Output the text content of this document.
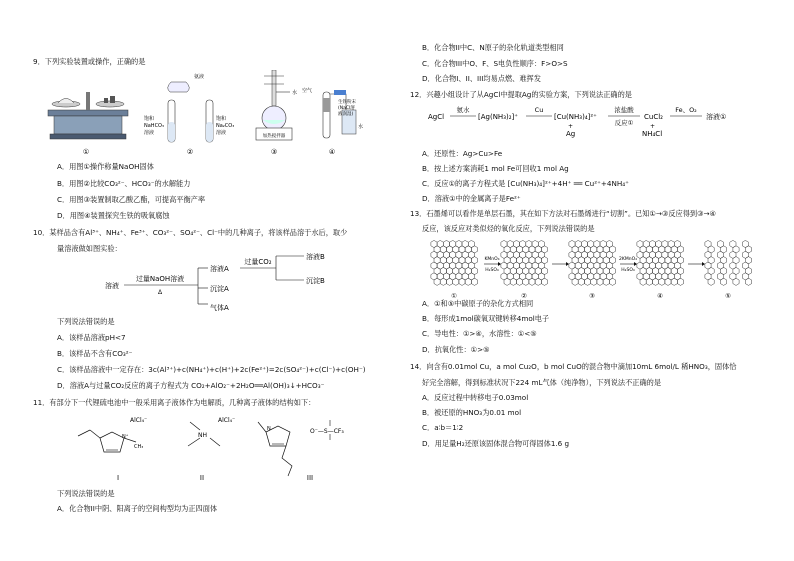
9．下列实验装置或操作，正确的是
①
氨液
饱和
NaHCO₃
溶液
饱和
Na₂CO₃
溶液
②
水
加热搅拌器
③
空气
生铁粉末
(NaCl溶
液润湿)
水
④
A．用图①操作称量NaOH固体
B．用图②比较CO₃²⁻、HCO₃⁻的水解能力
C．用图③装置制取乙酸乙酯，可提高平衡产率
D．用图④装置探究生铁的吸氧腐蚀
10．某样品含有Al³⁺、NH₄⁺、Fe³⁺、CO₃²⁻、SO₄²⁻、Cl⁻中的几种离子，将该样品溶于水后，取少
量溶液做如图实验：
溶液
过量NaOH溶液
Δ
溶液A
沉淀A
气体A
过量CO₂
溶液B
沉淀B
下列说法错误的是
A．该样品溶液pH<7
B．该样品不含有CO₃²⁻
C．该样品溶液中一定存在：3c(Al³⁺)+c(NH₄⁺)+c(H⁺)+2c(Fe²⁺)=2c(SO₄²⁻)+c(Cl⁻)+c(OH⁻)
D．溶液A与过量CO₂反应的离子方程式为 CO₂+AlO₂⁻+2H₂O══Al(OH)₃↓+HCO₃⁻
11．有部分下一代锂硫电池中一般采用离子液体作为电解质，几种离子液体的结构如下：
AlCl₄⁻
N⁺
CH₃
I
NH
AlCl₄⁻
II
N	O⁻—S—CF₃
III
下列说法错误的是
A．化合物II中阴、阳离子的空间构型均为正四面体
B．化合物II中C、N原子的杂化轨道类型相同
C．化合物III中O、F、S电负性顺序：F>O>S
D．化合物I、II、III均易点燃、难挥发
12．兴趣小组设计了从AgCl中提取Ag的实验方案，下列说法正确的是
AgCl
氨水
[Ag(NH₃)₂]⁺
Cu
[Cu(NH₃)₄]²⁺
+
Ag
浓盐酸
反应①
CuCl₂
+
NH₄Cl
Fe、O₂
溶液①
A．还原性：Ag>Cu>Fe
B．按上述方案消耗1 mol Fe可回收1 mol Ag
C．反应①的离子方程式是 [Cu(NH₃)₄]²⁺+4H⁺ ══ Cu²⁺+4NH₄⁺
D．溶液①中的金属离子是Fe²⁺
13．石墨烯可以看作是单层石墨，其在如下方法对石墨烯进行“切割”。已知①→③反应得到③→④
反应，该反应对类似烃的氧化反应，下列说法错误的是
①	②	③	④	⑤
KMnO₄
H₂SO₄
2KMnO₄
H₂SO₄
A．①和⑤中碳原子的杂化方式相同
B．每形成1mol碳氧双键转移4mol电子
C．导电性：①>④，水溶性：①<⑤
D．抗氧化性：①>⑤
14．向含有0.01mol Cu，a mol Cu₂O，b mol CuO的混合物中滴加10mL 6mol/L 稀HNO₃，固体恰
好完全溶解，得到标准状况下224 mL气体（纯净物），下列说法不正确的是
A．反应过程中转移电子0.03mol
B．被还原的HNO₃为0.01 mol
C．a∶b＝1∶2
D．用足量H₂还原该固体混合物可得固体1.6 g
